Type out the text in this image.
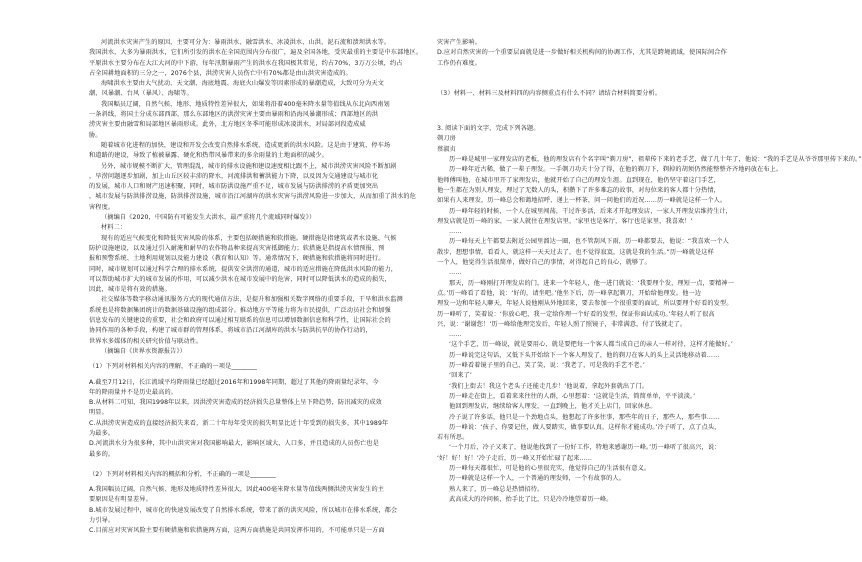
河流洪水灾害产生的原因，主要可分为：暴雨洪水、融雪洪水、冰凌洪水、山洪、泥石流和溃坝洪水等。

我国洪水，大多为暴雨洪水，它们所引发的洪水在全国范围内分布很广，遍及全国各地，受灾最重的主要是中东部地区。

平原洪水主要分布在大江大河的中下游，每年汛期暴雨产生的洪水在我国极其常见，约占70%，3万万公顷，约占

占全国耕地面积的三分之一，2076个县，洪涝灾害人员伤亡中有70%都是由山洪灾害造成的。

海啸洪水主要由大气扰动、天文潮、海底地震、海底火山爆发等因素形成的暴潮造成，大致可分为天文

潮、风暴潮、台风（暴风）、海啸等。

我国幅员辽阔，自然气候、地形、地质特性差异很大，如果将沿着400毫米降水量等值线从东北向西南划

一条斜线，将国土分成东部西部，那么东部地区的洪涝灾害主要由暴雨和沿海风暴潮形成；西部地区的洪

涝灾害主要由融雪和局部地区暴雨形成。此外，北方地区冬季可能形成冰凌洪水，对局部河段造成威

胁。

随着城市化进程的加快，建设和开发会改变自然排水系统，造成更新的洪水风险。这是由于建筑、停车场

和道路的建设，导致了植被暴露、硬化和热带风暴带来的多余雨量的土地面积的减少。

另外，城市规模不断扩大，管理混乱，城市的排水设施和建设速度相比跟不上，城市洪涝灾害风险不断加剧

，旱涝问题逐步加剧，加上山丘区较丰沛的降水，河流排洪和蓄洪能力下降，以及因为交通建设与城市化

的发展，城市人口和财产迅速积聚，同时，城市防洪设施严重不足，城市发展与防洪排涝的矛盾更加突出

，城市发展与防洪排涝设施，防洪排涝设施，城市沿江河湖库的洪水灾害与洪涝风险进一步加大，从而加重了洪水的危

害程度。

（摘编自《2020，中国防有可能发生大洪水，最严重将几个流域同时爆发》）

材料二：

现有的适应气候变化和降低灾害风险的体系，主要包括硬措施和软措施。硬措施是指建筑或者水设施、气候

防护设施建设，以及通过引入耐淹和耐旱的农作物品种来提高灾害抵御能力；软措施是指提高水情预报、预

报和预警系统、土地利用规划以及能力建设（教育和认知）等。通常情况下，硬措施和软措施将同时进行。

同时，城市规划可以通过科学合理的排水系统，提供安全洪涝的通道，城市的适应措施在降低洪水风险的能力，

可以帮助城市扩大的城市发展的作用，可以减少洪水在城市发展中的危害，同时可以降低洪水的造成的损失，

因此，城市是将有效的措施。

社交媒体等数字移动通讯服务方式的现代通信方法，是提升和加强相关数字网络的重要手段，干旱和洪水监测

系统也是将数据集团统计的数据基础设施的组成部分。推动地方平等能力将为市民提供，广泛动员社会和加强

信息发布的关键建设的重要，社会和政府可以通过相互联系的信息可以增加数据信息和科学性，让国际社会的

协同作用的各种手段，构建了城市群的管理体系，将城市沿江河湖库的洪水与防洪抗旱的协作行动的，

世界水多媒体的相关研究价值与联动性。

（摘编自《世界水资源报告》）

（1）下列对材料相关内容的理解，不正确的一项是________

A.截至7月12日，长江流域平均降雨量已经超过2016年和1998年同期，超过了其他的降雨量纪录年，今

年的降雨量并不是历史最高的。

B.从材料二可知，我国1998年以来，因洪涝灾害造成的经济损失总量整体上呈下降趋势，防汛减灾的成效

明显。

C.从洪涝灾害造成的直接经济损失来看，新二十年每年受灾的损失明显比近十年受到的损失多，其中1989年

为最多。

D.河流洪水分为很多种，其中山洪灾害对我国影响最大，影响区域大，人口多，并且造成的人员伤亡也是

最多的。

（2）下列对材料相关内容的概括和分析，不正确的一项是________

A.我国幅员辽阔，自然气候、地形及地质特性差异很大，因此400毫米降水量等值线两侧洪涝灾害发生的主

要原因是有明显差异。

B.城市发展过程中，城市化的快速发展改变了自然排水系统，带来了新的洪灾风险，所以城市在排水系统，都会

力引导。

C.目前应对灾害风险主要有硬措施和软措施两方面，这两方面措施是共同发挥作用的，不可能单只是一方面

灾害产生影响。

D.应对自然灾害的一个重要层面就是进一步做好相关机构间的协调工作，尤其是跨境流域，使国际间合作

工作仍有难度。

（3）材料一、材料三及材料四的内容侧重点有什么不同？请结合材料简要分析。

3. 阅读下面的文字，完成下列各题。

剃刀房

蔡淑贞

历一峰是城里一家理发店的老板，他的理发店有个名字叫“剃刀房”，祖辈传下来的老手艺，做了几十年了，他说：“我的手艺是从爷爷那里传下来的。”

历一峰年近古稀，做了一辈子理发。一手剃刀功夫十分了得，在他的剃刀下，剃掉的胡须仍然能整整齐齐地码放在布上。

他师傅叫他，在城市里开了家理发店，他就开始了自己的理发生涯。直到现在，他仍坚守着这门手艺，

他一生都在为别人理发，理过了无数人的头，积攒下了许多难忘的故事，对每位来的客人都十分热情，

如果有人来理发，历一峰总会和蔼地招呼，递上一杯茶，问一问他们的近况……历一峰就是这样一个人。

历一峰年轻的时候，一个人在城里闯荡，干过许多活，后来才开起理发店，一家人开理发店维持生计，

理发店就是历一峰的家，一家人就住在理发店里，‘家里也是客厅，客厅也是家里，我喜欢！’

……

历一峰每天上午都要去附近公园里溜达一圈，也不管刮风下雨，历一峰都要去，他说：“我喜欢一个人

散步，想想事情，看看人，就这样一天天过去了，也不觉得寂寞，这就是我的生活。”历一峰就是这样

一个人，他觉得生活很简单，做好自己的事情，对得起自己的良心，就够了。

……

那天，历一峰刚打开理发店的门，进来一个年轻人，他一进门就说：‘我要理个发，理短一点，要精神一

点。’历一峰看了看他，说：‘好的，请坐吧。’他坐下后，历一峰拿起剃刀，开始给他理发。他一边

理发一边和年轻人聊天，年轻人说他刚从外地回来，要去参加一个很重要的面试，所以要理个好看的发型。

历一峰听了，笑着说：‘你放心吧，我一定给你理一个好看的发型，保证你面试成功。’年轻人听了很高

兴，说：‘谢谢您！’历一峰给他理完发后，年轻人照了照镜子，非常满意，付了钱就走了。

……

‘这个手艺，历一峰说，就是要用心，就是要把每一个客人都当成自己的亲人一样对待，这样才能做好。’

历一峰说完这句话，又低下头开始给下一个客人理发了，他的剃刀在客人的头上灵活地移动着……

历一峰看着镜子里的自己，笑了笑，说：‘我老了，可是我的手艺不老。’

‘回来了’

‘我们上街去！我这个老头子还能走几步！’他说着，拿起外套就出了门。

历一峰走在街上，看着来来往往的人群，心里想着：‘这就是生活，简简单单，平平淡淡。’

他回到理发店，继续给客人理发，一直到晚上，他才关上店门，回家休息。

冷子说了许多话，他只是一个劲地点头，他想起了许多往事，那些年的日子，那些人，那些事……

历一峰说：‘孩子，你要记住，做人要踏实，做事要认真，这样你才能成功。’冷子听了，点了点头，

若有所思。

‘一个月后，冷子又来了，他说他找到了一份好工作，特地来感谢历一峰。’历一峰听了很高兴，说：

‘好！好！好！’冷子走后，历一峰又开始忙碌了起来……

历一峰每天都很忙，可是他的心里很充实，他觉得自己的生活很有意义。

历一峰就是这样一个人，一个普通的理发师，一个有故事的人。

熟人来了，历一峰总是热情招待。

武高成大的冷问候，抬手比了比，只是冷冷地望着历一峰。
